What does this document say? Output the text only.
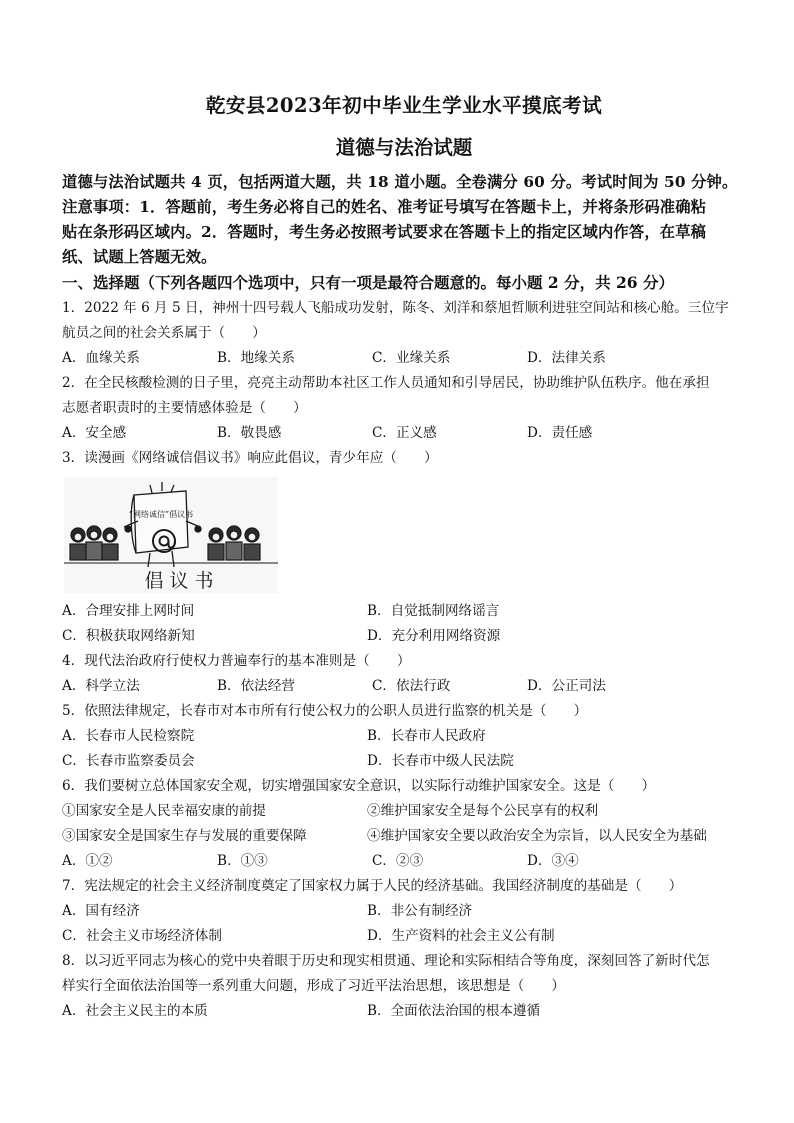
乾安县2023年初中毕业生学业水平摸底考试
道德与法治试题

道德与法治试题共 4 页，包括两道大题，共 18 道小题。全卷满分 60 分。考试时间为 50 分钟。

注意事项：1．答题前，考生务必将自己的姓名、准考证号填写在答题卡上，并将条形码准确粘

贴在条形码区域内。2．答题时，考生务必按照考试要求在答题卡上的指定区域内作答，在草稿

纸、试题上答题无效。

一、选择题（下列各题四个选项中，只有一项是最符合题意的。每小题 2 分，共 26 分）

1．2022 年 6 月 5 日，神州十四号载人飞船成功发射，陈冬、刘洋和蔡旭哲顺利进驻空间站和核心舱。三位宇

航员之间的社会关系属于（　　）

A．血缘关系	B．地缘关系	C．业缘关系	D．法律关系

2．在全民核酸检测的日子里，亮亮主动帮助本社区工作人员通知和引导居民，协助维护队伍秩序。他在承担

志愿者职责时的主要情感体验是（　　）

A．安全感	B．敬畏感	C．正义感	D．责任感

3．读漫画《网络诚信倡议书》响应此倡议，青少年应（　　）

“网络诚信”倡议书
倡议书
A．合理安排上网时间	B．自觉抵制网络谣言
C．积极获取网络新知	D．充分利用网络资源

4．现代法治政府行使权力普遍奉行的基本准则是（　　）

A．科学立法	B．依法经营	C．依法行政	D．公正司法

5．依照法律规定，长春市对本市所有行使公权力的公职人员进行监察的机关是（　　）

A．长春市人民检察院	B．长春市人民政府
C．长春市监察委员会	D．长春市中级人民法院

6．我们要树立总体国家安全观，切实增强国家安全意识，以实际行动维护国家安全。这是（　　）

①国家安全是人民幸福安康的前提	②维护国家安全是每个公民享有的权利
③国家安全是国家生存与发展的重要保障	④维护国家安全要以政治安全为宗旨，以人民安全为基础
A．①②	B．①③	C．②③	D．③④

7．宪法规定的社会主义经济制度奠定了国家权力属于人民的经济基础。我国经济制度的基础是（　　）

A．国有经济	B．非公有制经济
C．社会主义市场经济体制	D．生产资料的社会主义公有制

8．以习近平同志为核心的党中央着眼于历史和现实相贯通、理论和实际相结合等角度，深刻回答了新时代怎

样实行全面依法治国等一系列重大问题，形成了习近平法治思想，该思想是（　　）

A．社会主义民主的本质	B．全面依法治国的根本遵循
